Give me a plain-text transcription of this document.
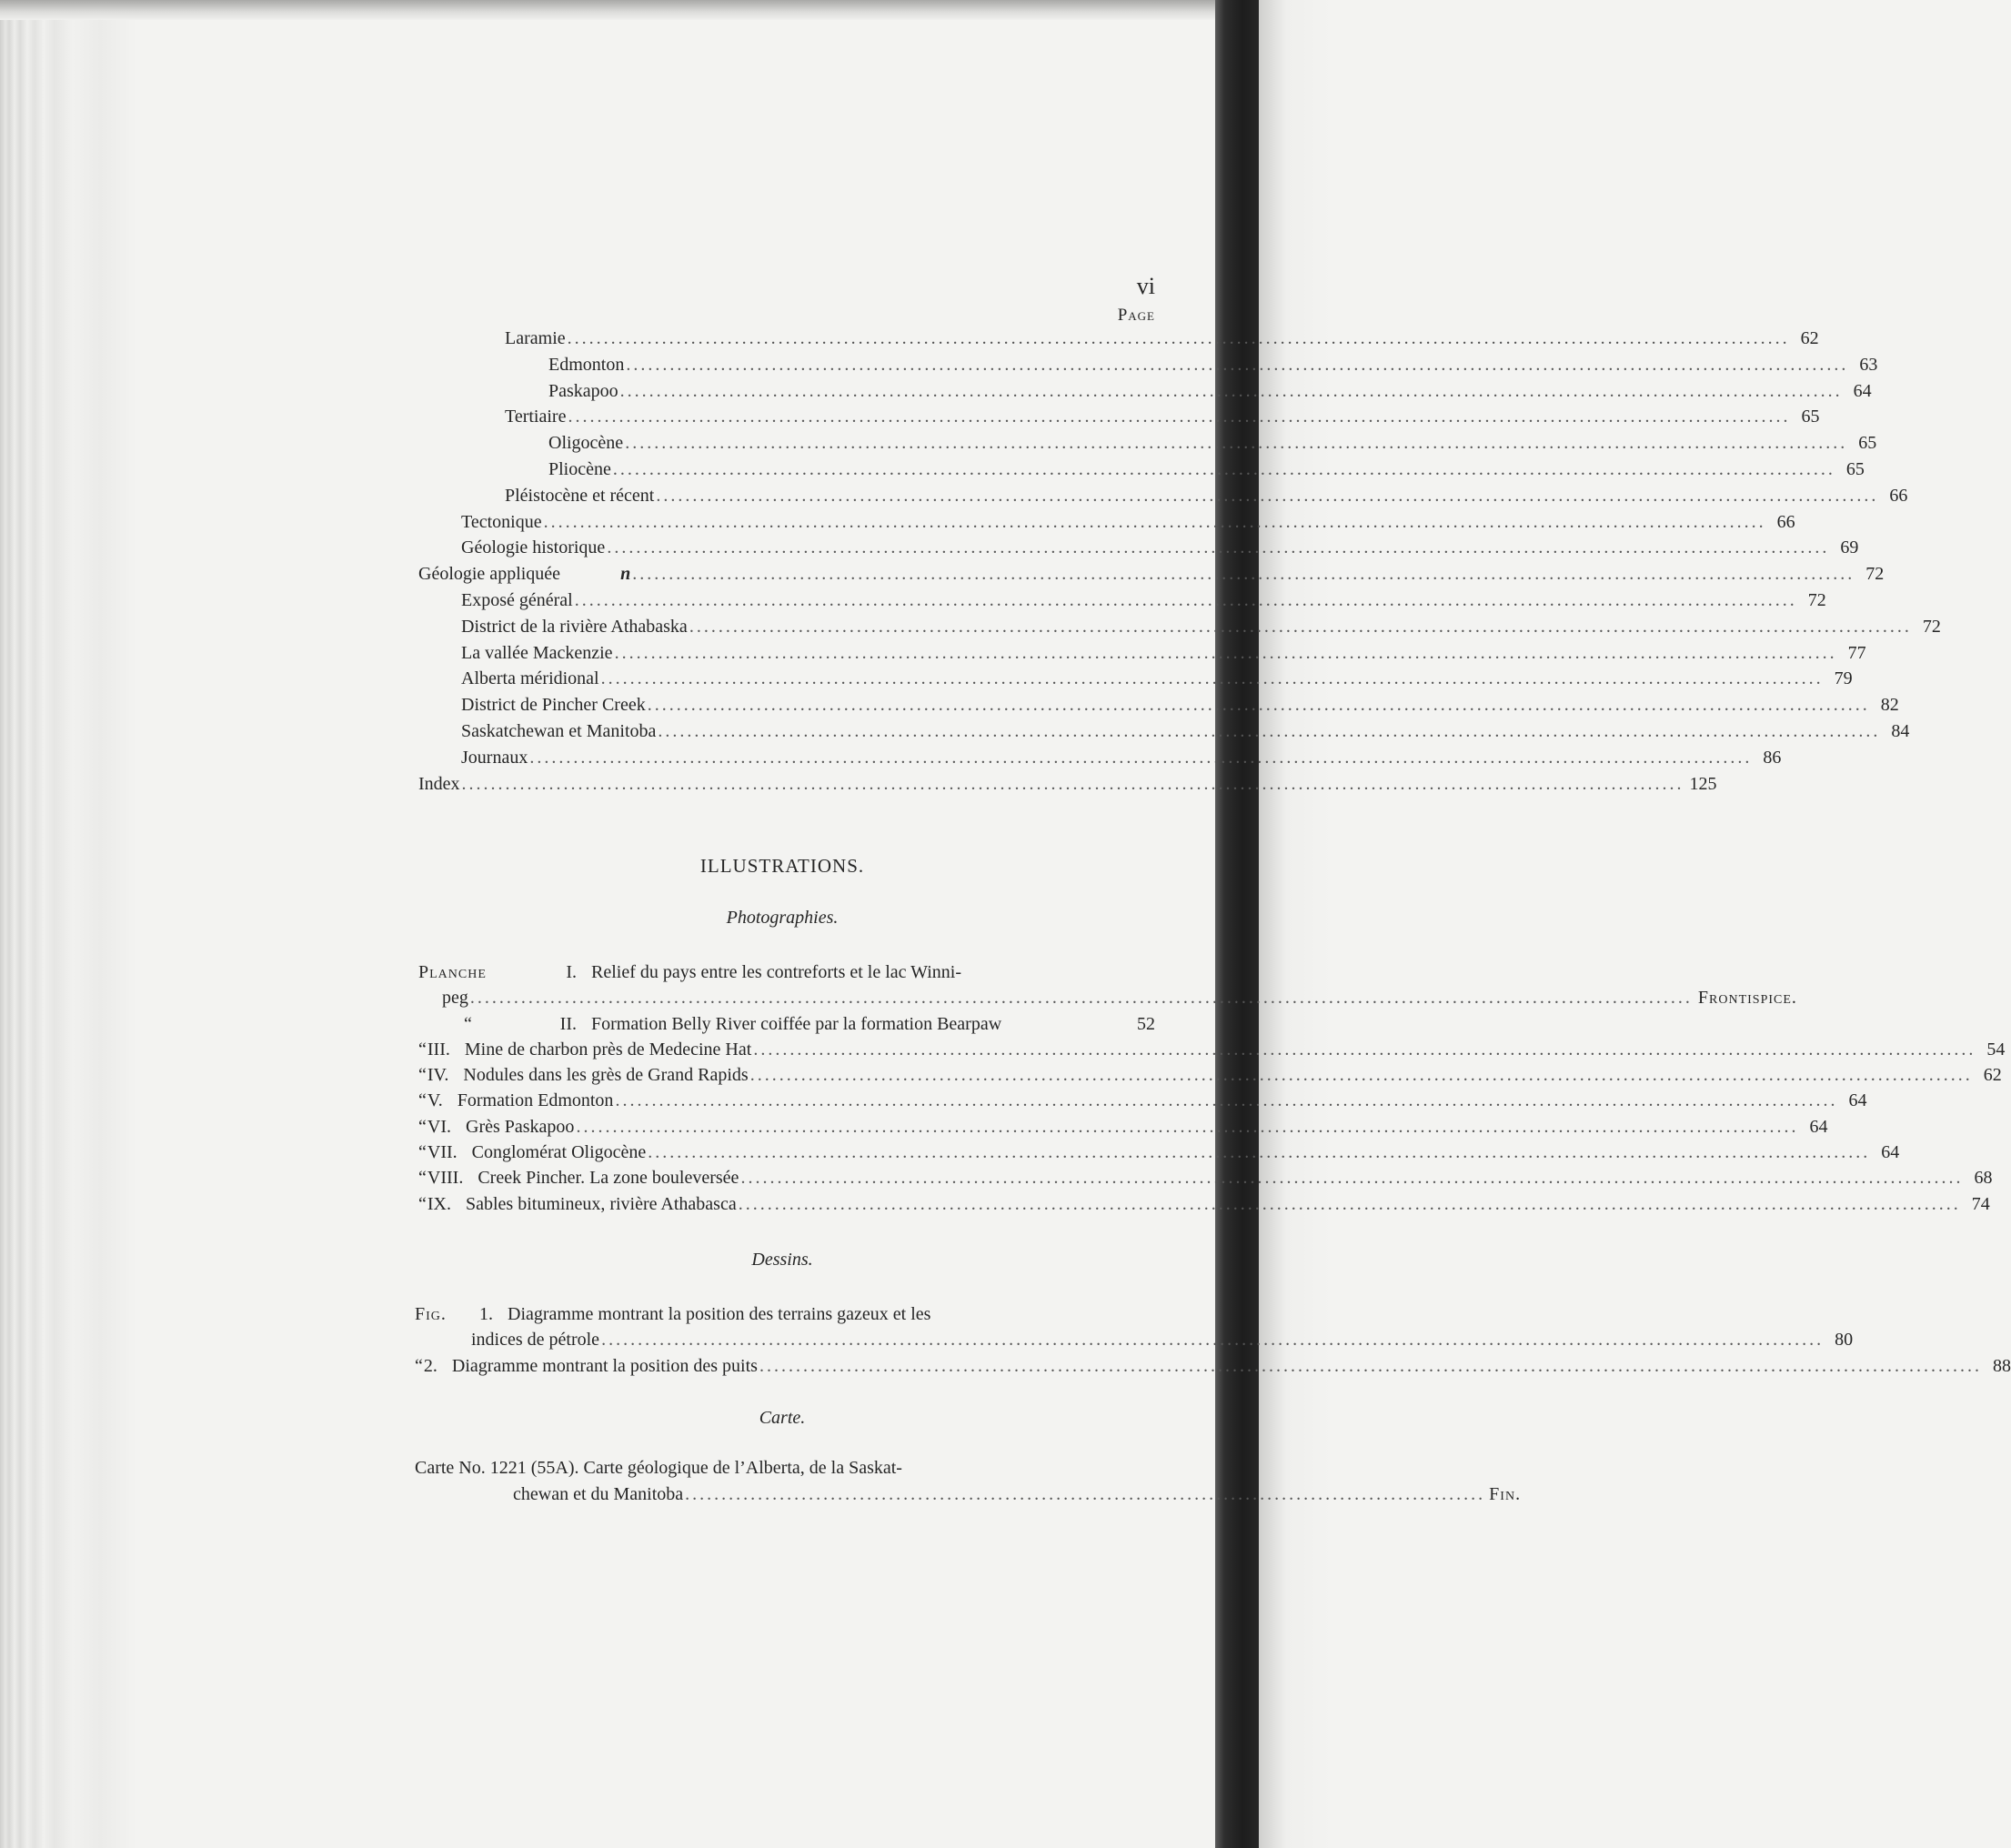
vi
Page
Laramie .....	62
Edmonton .....	63
Paskapoo .....	64
Tertiaire .....	65
Oligocène .....	65
Pliocène .....	65
Pléistocène et récent .....	66
Tectonique .....	66
Géologie historique .....	69
Géologie appliquée	n .....	72
Exposé général .....	72
District de la rivière Athabaska .....	72
La vallée Mackenzie .....	77
Alberta méridional .....	79
District de Pincher Creek .....	82
Saskatchewan et Manitoba .....	84
Journaux .....	86
Index .....	125
ILLUSTRATIONS.
Photographies.
Planche	I. Relief du pays entre les contreforts et le lac Winni-
peg .....	Frontispice.
“	II. Formation Belly River coiffée par la formation Bearpaw	52
“ III. Mine de charbon près de Medecine Hat .....	54
“ IV. Nodules dans les grès de Grand Rapids .....	62
“ V. Formation Edmonton .....	64
“ VI. Grès Paskapoo .....	64
“ VII. Conglomérat Oligocène .....	64
“ VIII. Creek Pincher. La zone bouleversée .....	68
“ IX. Sables bitumineux, rivière Athabasca .....	74
Dessins.
Fig.	1. Diagramme montrant la position des terrains gazeux et les
indices de pétrole .....	80
“ 2. Diagramme montrant la position des puits .....	88
Carte.
Carte No. 1221 (55A). Carte géologique de l’Alberta, de la Saskat-
chewan et du Manitoba .............................................................................................................. Fin.
